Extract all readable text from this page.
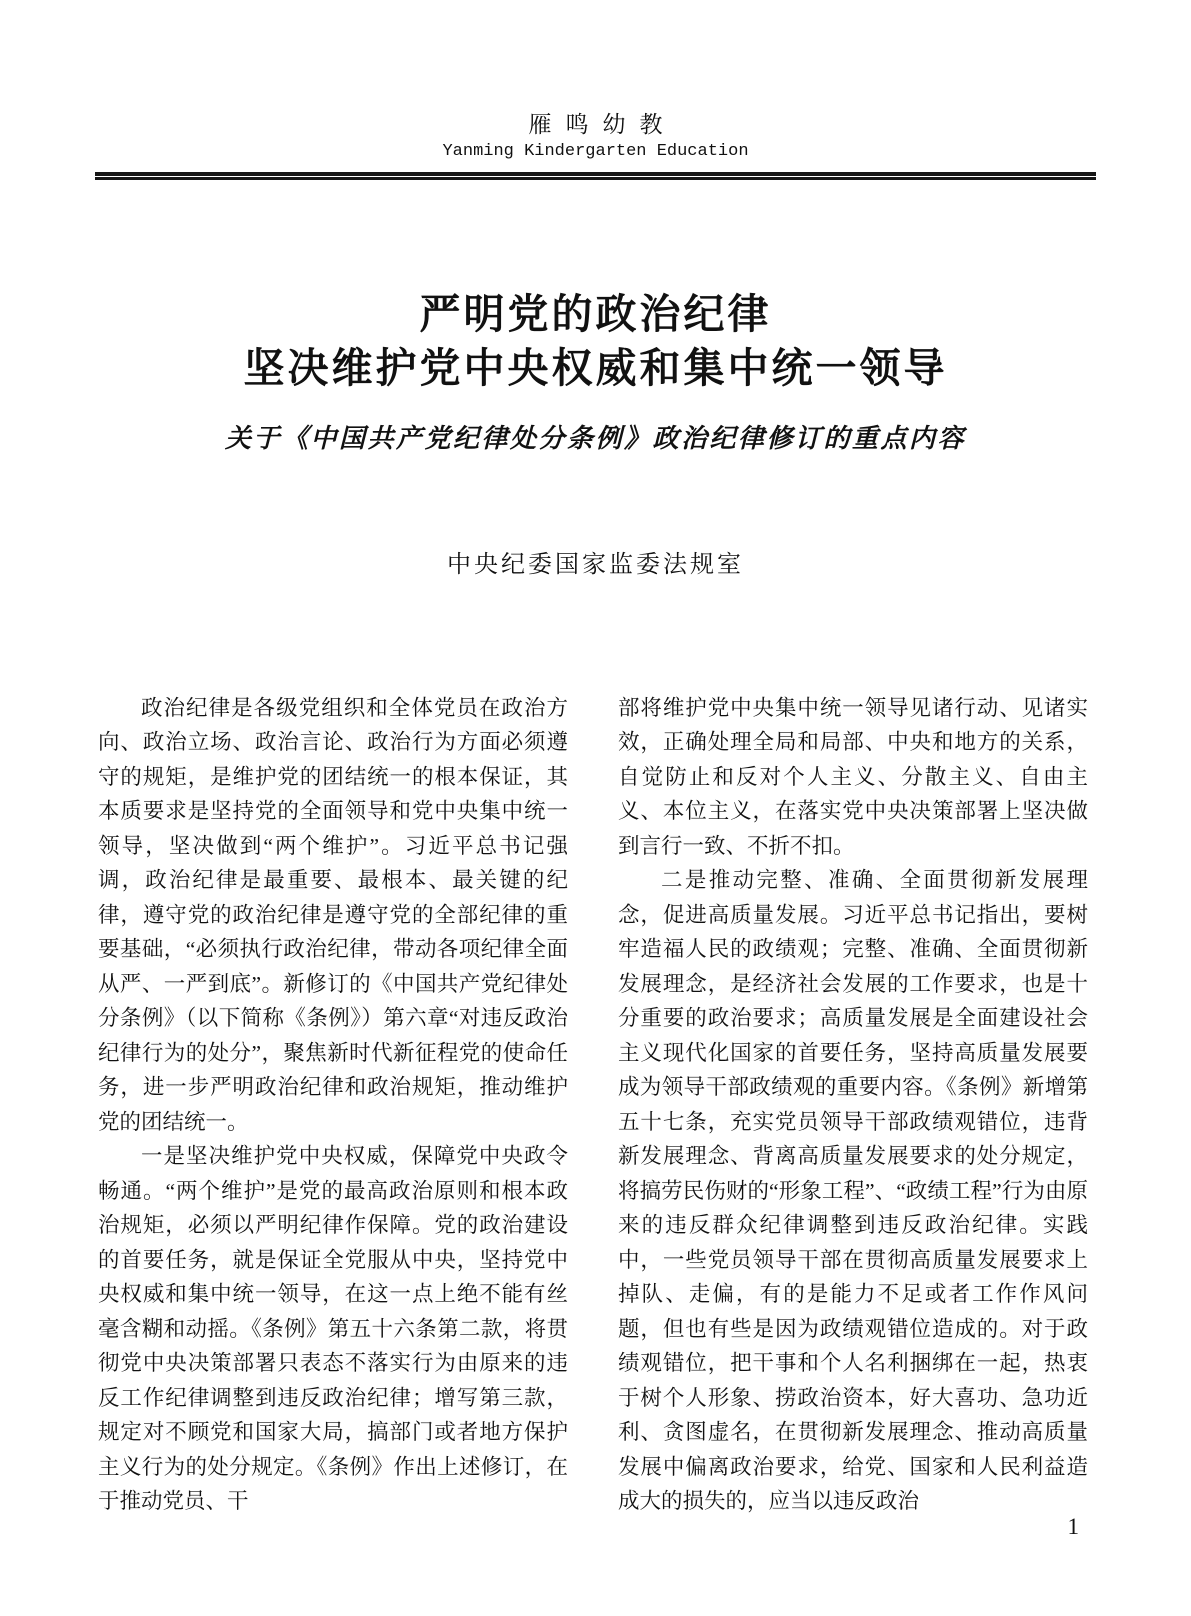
雁鸣幼教
Yanming Kindergarten Education
严明党的政治纪律
坚决维护党中央权威和集中统一领导
关于《中国共产党纪律处分条例》政治纪律修订的重点内容
中央纪委国家监委法规室

政治纪律是各级党组织和全体党员在政治方向、政治立场、政治言论、政治行为方面必须遵守的规矩，是维护党的团结统一的根本保证，其本质要求是坚持党的全面领导和党中央集中统一领导，坚决做到“两个维护”。习近平总书记强调，政治纪律是最重要、最根本、最关键的纪律，遵守党的政治纪律是遵守党的全部纪律的重要基础，“必须执行政治纪律，带动各项纪律全面从严、一严到底”。新修订的《中国共产党纪律处分条例》（以下简称《条例》）第六章“对违反政治纪律行为的处分”，聚焦新时代新征程党的使命任务，进一步严明政治纪律和政治规矩，推动维护党的团结统一。

一是坚决维护党中央权威，保障党中央政令畅通。“两个维护”是党的最高政治原则和根本政治规矩，必须以严明纪律作保障。党的政治建设的首要任务，就是保证全党服从中央，坚持党中央权威和集中统一领导，在这一点上绝不能有丝毫含糊和动摇。《条例》第五十六条第二款，将贯彻党中央决策部署只表态不落实行为由原来的违反工作纪律调整到违反政治纪律；增写第三款，规定对不顾党和国家大局，搞部门或者地方保护主义行为的处分规定。《条例》作出上述修订，在于推动党员、干

部将维护党中央集中统一领导见诸行动、见诸实效，正确处理全局和局部、中央和地方的关系，自觉防止和反对个人主义、分散主义、自由主义、本位主义，在落实党中央决策部署上坚决做到言行一致、不折不扣。

二是推动完整、准确、全面贯彻新发展理念，促进高质量发展。习近平总书记指出，要树牢造福人民的政绩观；完整、准确、全面贯彻新发展理念，是经济社会发展的工作要求，也是十分重要的政治要求；高质量发展是全面建设社会主义现代化国家的首要任务，坚持高质量发展要成为领导干部政绩观的重要内容。《条例》新增第五十七条，充实党员领导干部政绩观错位，违背新发展理念、背离高质量发展要求的处分规定，将搞劳民伤财的“形象工程”、“政绩工程”行为由原来的违反群众纪律调整到违反政治纪律。实践中，一些党员领导干部在贯彻高质量发展要求上掉队、走偏，有的是能力不足或者工作作风问题，但也有些是因为政绩观错位造成的。对于政绩观错位，把干事和个人名利捆绑在一起，热衷于树个人形象、捞政治资本，好大喜功、急功近利、贪图虚名，在贯彻新发展理念、推动高质量发展中偏离政治要求，给党、国家和人民利益造成大的损失的，应当以违反政治

1
